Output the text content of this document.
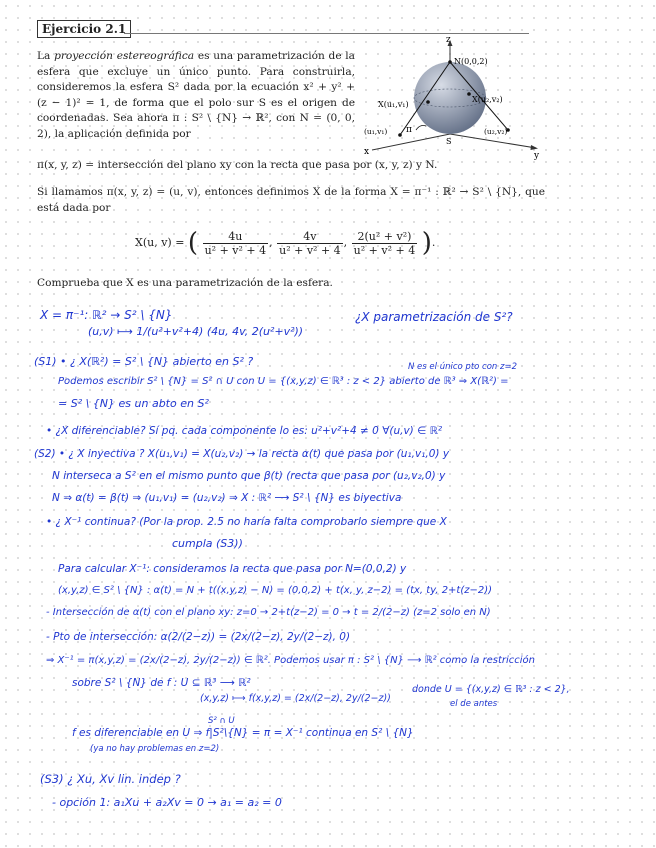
Ejercicio 2.1
La proyección estereográfica es una parametrización de la esfera que excluye un único punto. Para construirla, consideremos la esfera S² dada por la ecuación x² + y² + (z − 1)² = 1, de forma que el polo sur S es el origen de coordenadas. Sea ahora π : S² \ {N} → ℝ², con N = (0, 0, 2), la aplicación definida por
z
y
x
N(0,0,2)
X(u₂,v₂)
X(u₁,v₁)
(u₁,v₁)	(u₂,v₂)
S
π
π(x, y, z) = intersección del plano xy con la recta que pasa por (x, y, z) y N.
Si llamamos π(x, y, z) = (u, v), entonces definimos X de la forma X = π⁻¹ : ℝ² → S² \ {N}, que está dada por
X(u, v) = ( $\frac{4u}{\text{u² + v² + 4}}$ , $\frac{4v}{\text{u² + v² + 4}}$ , $\frac{\text{2(u² + v²)}}{\text{u² + v² + 4}}$ ).
Comprueba que X es una parametrización de la esfera.
X = π⁻¹: ℝ² → S² \ {N}
(u,v) ⟼ 1/(u²+v²+4) (4u, 4v, 2(u²+v²))
¿X parametrización de S²?
(S1) • ¿ X(ℝ²) = S² \ {N} abierto en S² ?	N es el único pto con z=2
Podemos escribir S² \ {N} = S² ∩ U con U = {(x,y,z) ∈ ℝ³ : z < 2} abierto de ℝ³ ⇒ X(ℝ²) =
= S² \ {N} es un abto en S²
• ¿X diferenciable? Sí pq. cada componente lo es: u²+v²+4 ≠ 0 ∀(u,v) ∈ ℝ²
(S2) • ¿ X inyectiva ? X(u₁,v₁) = X(u₂,v₂) → la recta α(t) que pasa por (u₁,v₁,0) y
N interseca a S² en el mismo punto que β(t) (recta que pasa por (u₂,v₂,0) y
N ⇒ α(t) = β(t) ⇒ (u₁,v₁) = (u₂,v₂) ⇒ X : ℝ² ⟶ S² \ {N} es biyectiva
• ¿ X⁻¹ continua? (Por la prop. 2.5 no haría falta comprobarlo siempre que X
cumpla (S3))
Para calcular X⁻¹: consideramos la recta que pasa por N=(0,0,2) y
(x,y,z) ∈ S² \ {N} : α(t) = N + t((x,y,z) − N) = (0,0,2) + t(x, y, z−2) = (tx, ty, 2+t(z−2))
- Intersección de α(t) con el plano xy: z=0 → 2+t(z−2) = 0 → t = 2/(2−z) (z=2 solo en N)
- Pto de intersección: α(2/(2−z)) = (2x/(2−z), 2y/(2−z), 0)
⇒ X⁻¹ = π(x,y,z) = (2x/(2−z), 2y/(2−z)) ∈ ℝ². Podemos usar π : S² \ {N} ⟶ ℝ² como la restricción
sobre S² \ {N} de f : U ⊆ ℝ³ ⟶ ℝ²
(x,y,z) ⟼ f(x,y,z) = (2x/(2−z), 2y/(2−z))
donde U = {(x,y,z) ∈ ℝ³ : z < 2},
el de antes
S² ∩ U
f es diferenciable en U ⇒ f|S²\{N} = π = X⁻¹ continua en S² \ {N}
(ya no hay problemas en z=2)
(S3) ¿ Xu, Xv lin. indep ?
- opción 1: a₁Xu + a₂Xv = 0 → a₁ = a₂ = 0
